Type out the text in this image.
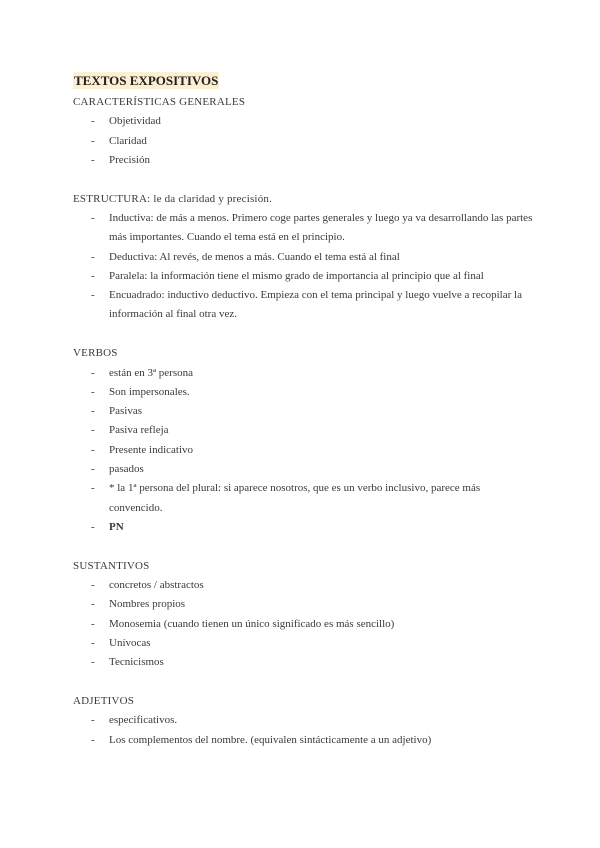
TEXTOS EXPOSITIVOS
CARACTERÍSTICAS GENERALES
- Objetividad
- Claridad
- Precisión
ESTRUCTURA: le da claridad y precisión.
- Inductiva: de más a menos. Primero coge partes generales y luego ya va desarrollando las partes más importantes. Cuando el tema está en el principio.
- Deductiva: Al revés, de menos a más. Cuando el tema está al final
- Paralela: la información tiene el mismo grado de importancia al principio que al final
- Encuadrado: inductivo deductivo. Empieza con el tema principal y luego vuelve a recopilar la información al final otra vez.
VERBOS
- están en 3ª persona
- Son impersonales.
- Pasivas
- Pasiva refleja
- Presente indicativo
- pasados
- * la 1ª persona del plural: si aparece nosotros, que es un verbo inclusivo, parece más convencido.
- PN
SUSTANTIVOS
- concretos / abstractos
- Nombres propios
- Monosemia (cuando tienen un único significado es más sencillo)
- Unívocas
- Tecnicismos
ADJETIVOS
- especificativos.
- Los complementos del nombre. (equivalen sintácticamente a un adjetivo)
